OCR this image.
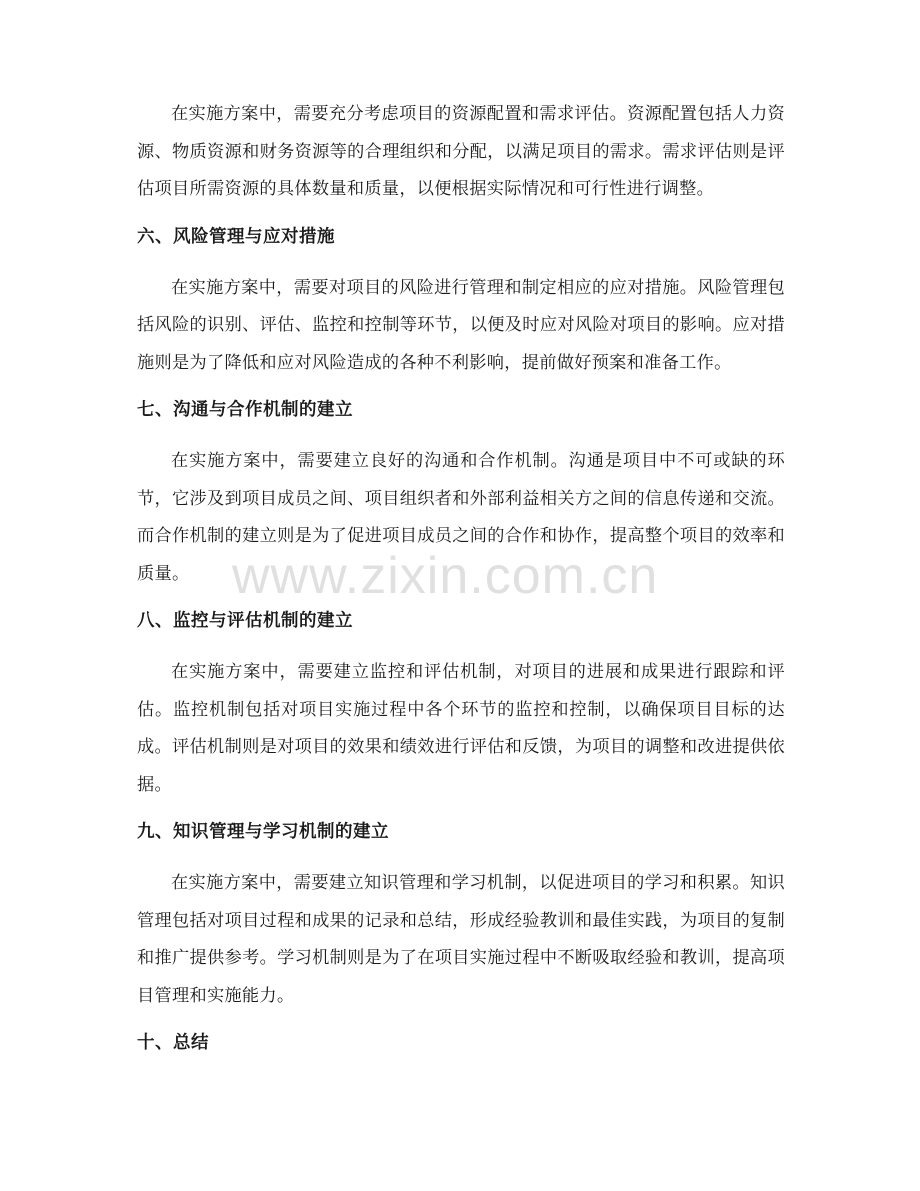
在实施方案中，需要充分考虑项目的资源配置和需求评估。资源配置包括人力资源、物质资源和财务资源等的合理组织和分配，以满足项目的需求。需求评估则是评估项目所需资源的具体数量和质量，以便根据实际情况和可行性进行调整。

六、风险管理与应对措施

在实施方案中，需要对项目的风险进行管理和制定相应的应对措施。风险管理包括风险的识别、评估、监控和控制等环节，以便及时应对风险对项目的影响。应对措施则是为了降低和应对风险造成的各种不利影响，提前做好预案和准备工作。

七、沟通与合作机制的建立

在实施方案中，需要建立良好的沟通和合作机制。沟通是项目中不可或缺的环节，它涉及到项目成员之间、项目组织者和外部利益相关方之间的信息传递和交流。而合作机制的建立则是为了促进项目成员之间的合作和协作，提高整个项目的效率和质量。

八、监控与评估机制的建立

在实施方案中，需要建立监控和评估机制，对项目的进展和成果进行跟踪和评估。监控机制包括对项目实施过程中各个环节的监控和控制，以确保项目目标的达成。评估机制则是对项目的效果和绩效进行评估和反馈，为项目的调整和改进提供依据。

九、知识管理与学习机制的建立

在实施方案中，需要建立知识管理和学习机制，以促进项目的学习和积累。知识管理包括对项目过程和成果的记录和总结，形成经验教训和最佳实践，为项目的复制和推广提供参考。学习机制则是为了在项目实施过程中不断吸取经验和教训，提高项目管理和实施能力。

十、总结
www.zixin.com.cn
